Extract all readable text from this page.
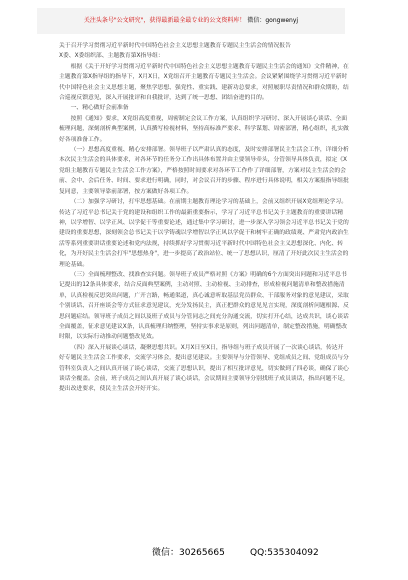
关注头条号"公文研究"，获得最新最全最专业的公文资料库！ 微信：gongwenyj

关于召开学习贯彻习近平新时代中国特色社会主义思想主题教育专题民主生活会的情况报告

X委、X委组织部、主题教育第X指导组：

根据《关于开好学习贯彻习近平新时代中国特色社会主义思想主题教育专题民主生活会的通知》文件精神，在主题教育第X指导组的指导下，X月X日，X党组召开主题教育专题民主生活会。会议紧紧围绕学习贯彻习近平新时代中国特色社会主义思想主题，聚焦学思想、强党性、重实践、建新功总要求，对照履职尽责情况和群众期盼，结合巡视反馈意见，深入开展批评和自我批评，达到了统一思想、团结奋进的目的。

一、精心做好会前准备

按照《通知》要求，X党组高度重视，周密制定会议工作方案，认真组织学习研讨、深入开展谈心谈话、全面梳理问题，深刻剖析典型案例，认真撰写检视材料，坚持高标准严要求、科学谋划、周密部署，精心组织，扎实做好各项准备工作。

（一）思想高度重视、精心安排部署。领导班子以严肃认真的态度，及时安排部署民主生活会工作，详细分析本次民主生活会的具体要求，对各环节的任务分工作出具体布置并由主要领导牵头，分管领导具体负责，拟定《X党组主题教育专题民主生活会工作方案》，严格按照时间要求对各环节工作作了详细部署，方案对民主生活会的会前、会中、会后任务、时间、要求进行明确，同时，对会议召开的步骤、程序进行具体说明，相关方案报指导组批复同意，主要领导靠前部署，按方案做好各项工作。

（二）加强学习研讨，打牢思想基础。在前期主题教育理论学习的基础上，会前又组织开展X党组理论学习。传达了习近平总书记关于党的建设和组织工作的最新重要指示，学习了习近平总书记关于主题教育的重要讲话精神，以学增智、以学正风、以学促干等重要论述，通过集中学习研讨，进一步深入学习领会习近平总书记关于党的建设的重要思想，深刻领会总书记关于以学铸魂以学增智以学正风以学促干和树牢正确的政绩观、严肃党内政治生活等系列重要讲话重要论述和党内法规，持续抓好学习贯彻习近平新时代中国特色社会主义思想深化、内化、转化，为开好民主生活会打牢"思想热身"，进一步提高了政治站位、统一了思想认识，厘清了开好此次民主生活会的理论基础。

（三）全面梳理整改、找准查实问题。领导班子成员严格对照《方案》明确的6个方面突出问题和习近平总书记提出的12条具体要求，结合反面典型案例，主动对照、主动检视、主动排查，形成检视问题清单和整改措施清单，认真检视反思突出问题，广开言路，畅通渠道，真心诚意听取基层党员群众、干部服务对象的意见建议，采取个别谈话、召开座谈会等方式征求意见建议，充分发扬民主，真正把群众的意见见言实现，深度剖析问题根源、反思问题症结。领导班子成员之间以及班子成员与分管同志之间充分沟通交流，切实打开心结，达成共识，谈心谈话全面覆盖，征求意见建议X条，认真梳理归纳整理，坚持实事求是原则，列出问题清单，制定整改措施，明确整改时限，以实际行动推动问题整改见效。

（四）深入开展谈心谈话，凝聚思想共识。X月X日至X日，指导组与班子成员开展了一次谈心谈话，传达开好专题民主生活会工作要求，交流学习体会，提出意见建议。主要领导与分管领导、党组成员之间、党组成员与分管科室负责人之间认真开展了谈心谈话，交流了思想认识，提出了相互批评意见，切实做到了四必谈，确保了谈心谈话全覆盖。会前，班子成员之间认真开展了谈心谈话，会议期间主要领导分别找班子成员谈话，指出问题不足，提出改进要求，使民主生活会开好开实。

微信：30265665	QQ:535304092
